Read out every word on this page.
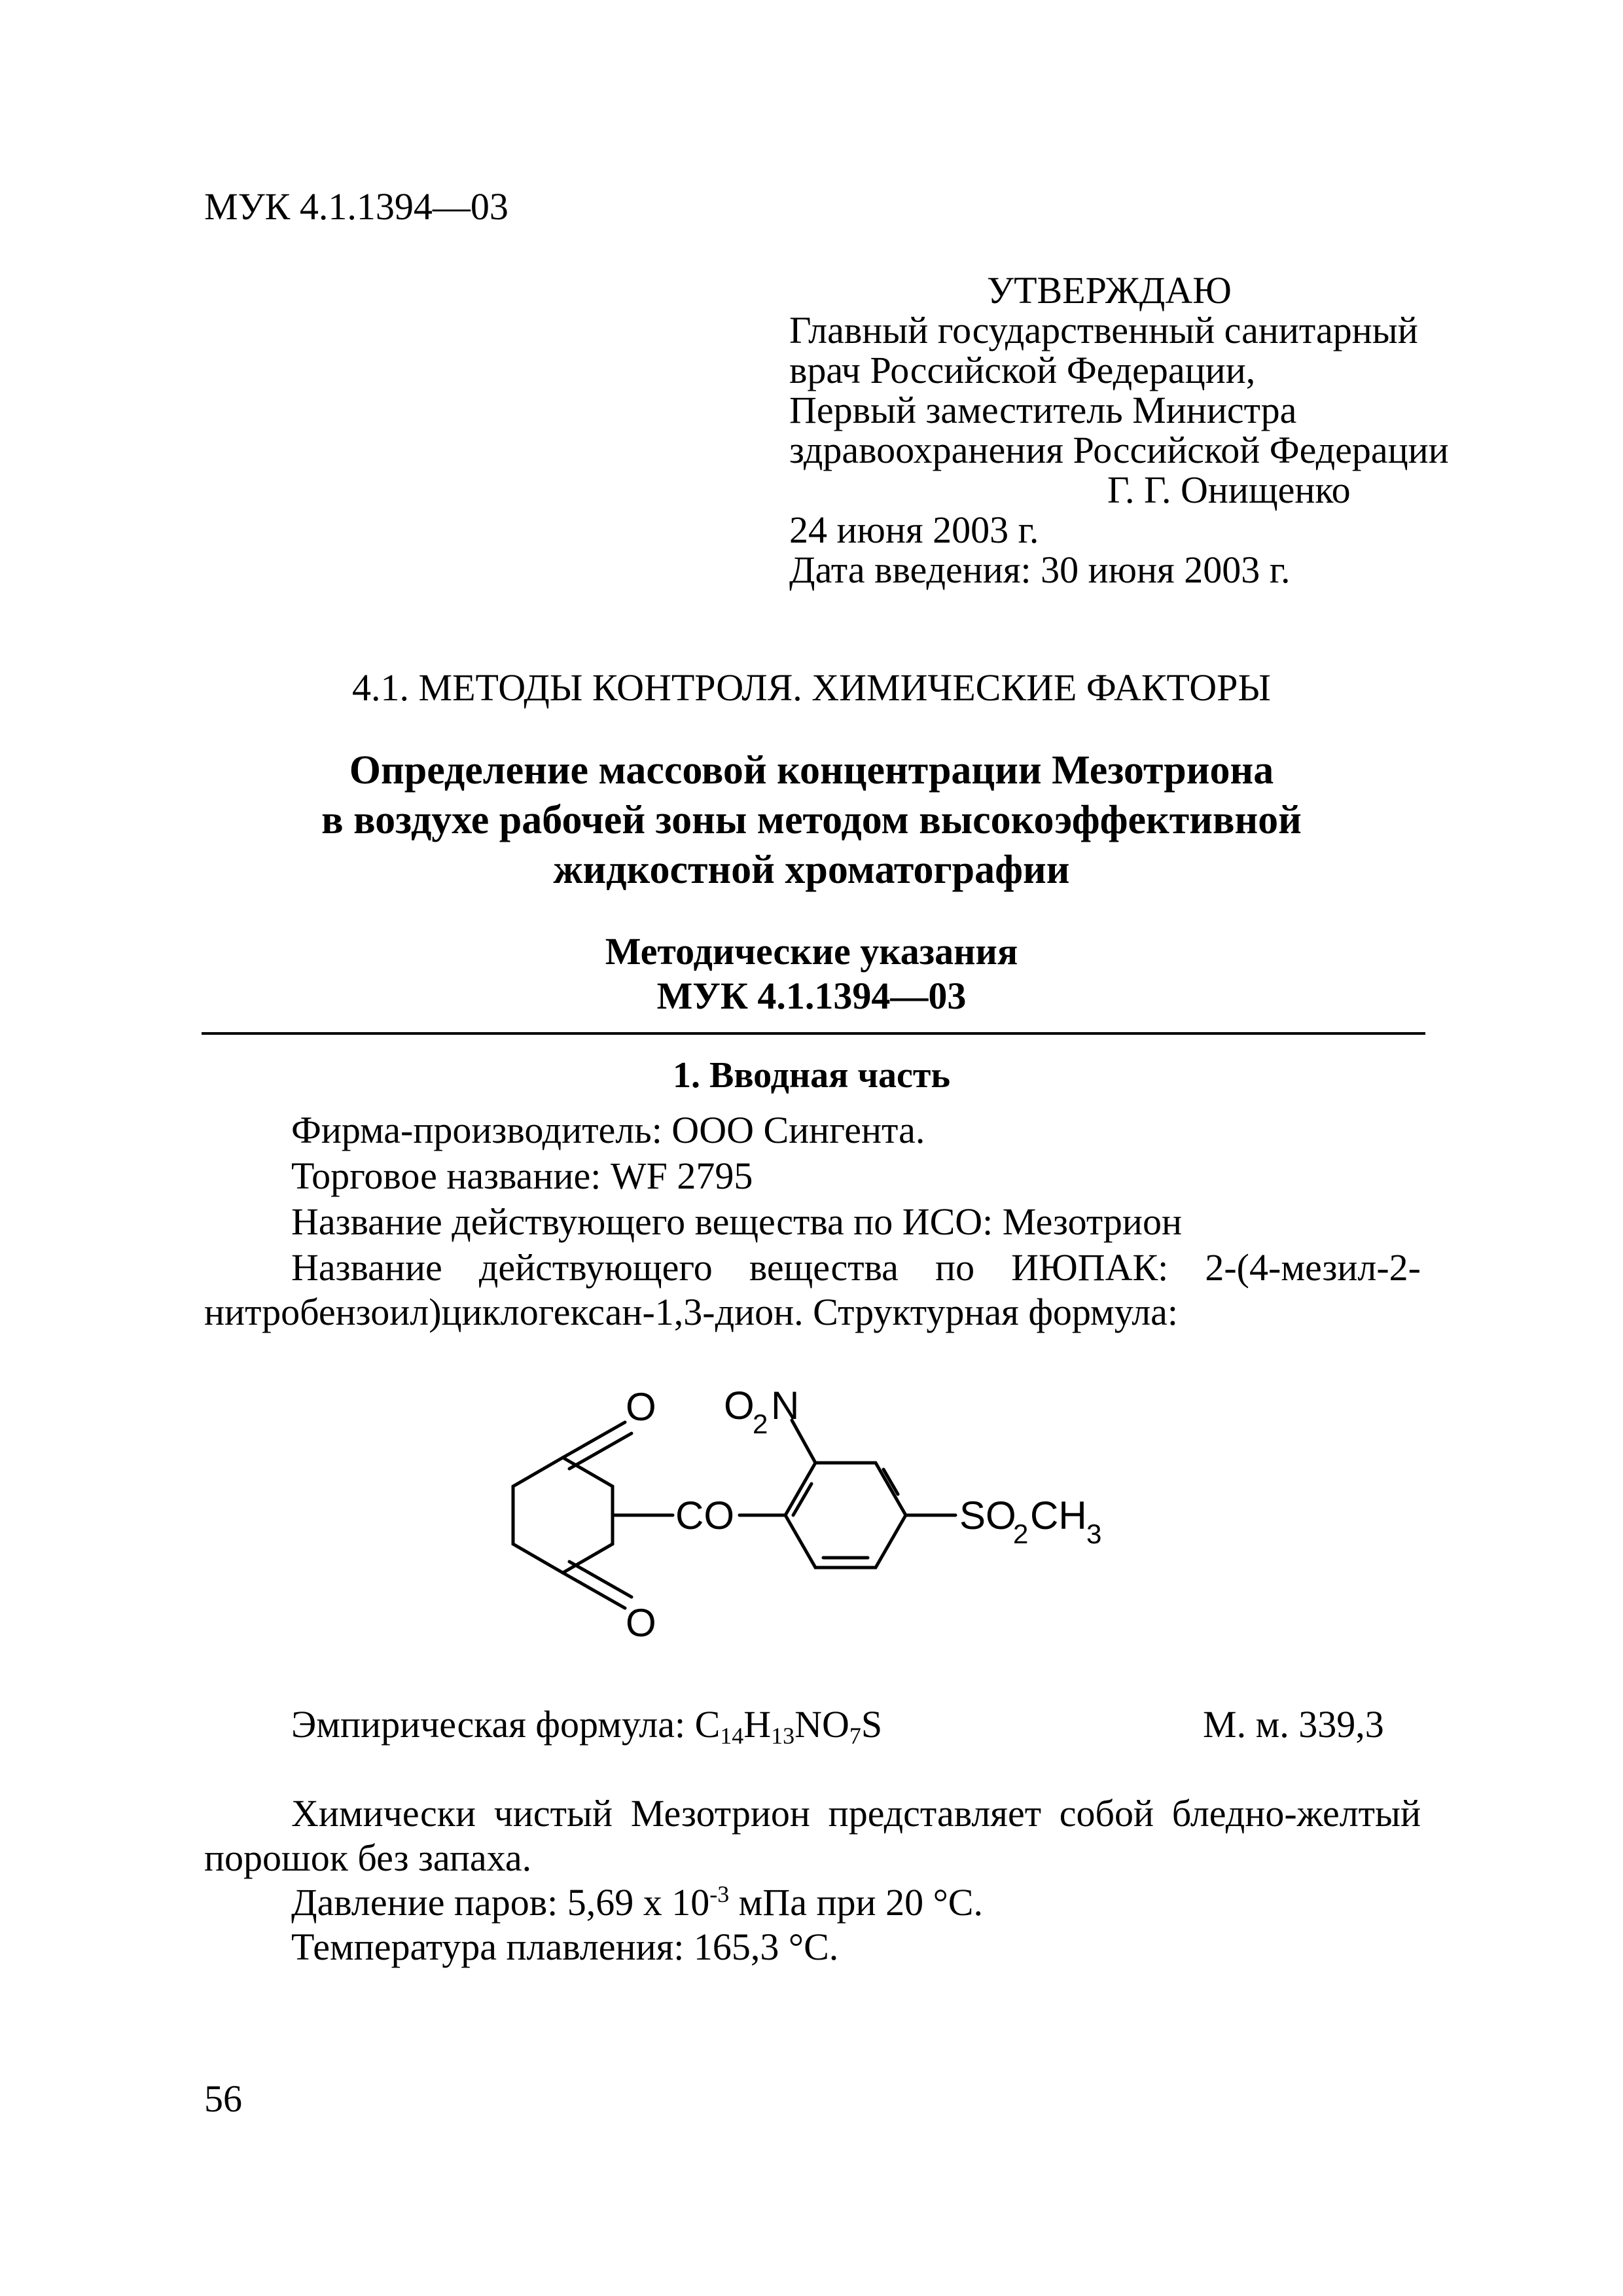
МУК 4.1.1394—03
УТВЕРЖДАЮ
Главный государственный санитарный
врач Российской Федерации,
Первый заместитель Министра
здравоохранения Российской Федерации
Г. Г. Онищенко
24 июня 2003 г.
Дата введения: 30 июня 2003 г.
4.1. МЕТОДЫ КОНТРОЛЯ. ХИМИЧЕСКИЕ ФАКТОРЫ
Определение массовой концентрации Мезотриона
в воздухе рабочей зоны методом высокоэффективной
жидкостной хроматографии
Методические указания
МУК 4.1.1394—03
1. Вводная часть
Фирма-производитель: ООО Сингента.
Торговое название: WF 2795
Название действующего вещества по ИСО: Мезотрион
Название действующего вещества по ИЮПАК: 2-(4-мезил-2-
нитробензоил)циклогексан-1,3-дион. Структурная формула:
O
O
CO
O
2 N
SO
2 CH 3
Эмпирическая формула: $C_{14}H_{13}NO_7S$	М. м. 339,3
Химически чистый Мезотрион представляет собой бледно-желтый
порошок без запаха.
Давление паров: 5,69 х $10^{-3}$ мПа при 20 °С.
Температура плавления: 165,3 °С.
56
